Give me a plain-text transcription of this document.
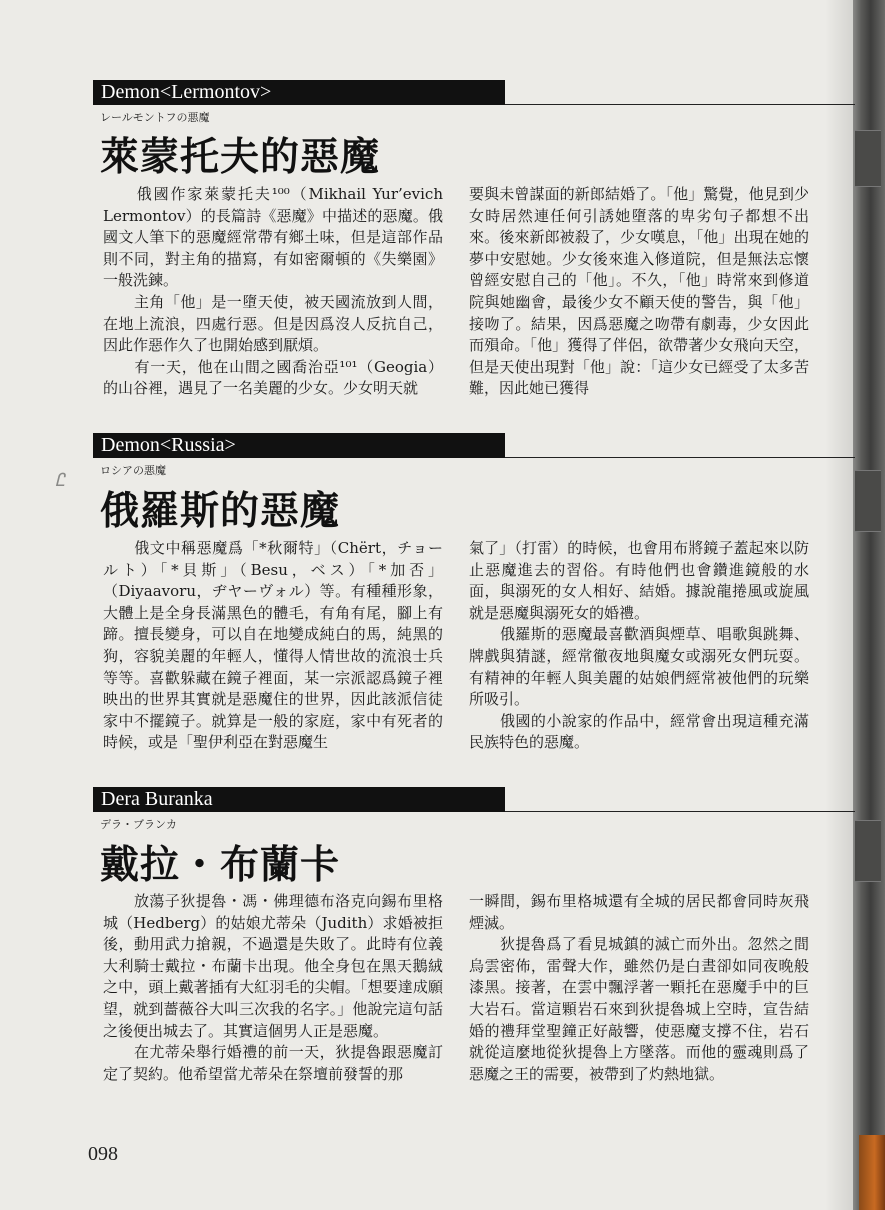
Ꮭ
Demon<Lermontov>
レールモントフの悪魔
萊蒙托夫的惡魔

　　俄國作家萊蒙托夫¹⁰⁰（Mikhail Yur’evich Lermontov）的長篇詩《惡魔》中描述的惡魔。俄國文人筆下的惡魔經常帶有鄉土味，但是這部作品則不同，對主角的描寫，有如密爾頓的《失樂園》一般洗鍊。

　　主角「他」是一墮天使，被天國流放到人間，在地上流浪，四處行惡。但是因爲沒人反抗自己，因此作惡作久了也開始感到厭煩。

　　有一天，他在山間之國喬治亞¹⁰¹（Geogia）的山谷裡，遇見了一名美麗的少女。少女明天就

要與未曾謀面的新郎結婚了。「他」驚覺，他見到少女時居然連任何引誘她墮落的卑劣句子都想不出來。後來新郎被殺了，少女嘆息，「他」出現在她的夢中安慰她。少女後來進入修道院，但是無法忘懷曾經安慰自己的「他」。不久，「他」時常來到修道院與她幽會，最後少女不顧天使的警告，與「他」接吻了。結果，因爲惡魔之吻帶有劇毒，少女因此而殞命。「他」獲得了伴侶，欲帶著少女飛向天空，但是天使出現對「他」說：「這少女已經受了太多苦難，因此她已獲得

Demon<Russia>
ロシアの悪魔
俄羅斯的惡魔

　　俄文中稱惡魔爲「*秋爾特」（Chërt，チョールト）「*貝斯」（Besu，ベス）「*加否」（Diyaavoru，ヂヤーヴォル）等。有種種形象，大體上是全身長滿黑色的體毛，有角有尾，腳上有蹄。擅長變身，可以自在地變成純白的馬，純黑的狗，容貌美麗的年輕人，懂得人情世故的流浪士兵等等。喜歡躲藏在鏡子裡面，某一宗派認爲鏡子裡映出的世界其實就是惡魔住的世界，因此該派信徒家中不擺鏡子。就算是一般的家庭，家中有死者的時候，或是「聖伊利亞在對惡魔生

氣了」（打雷）的時候，也會用布將鏡子蓋起來以防止惡魔進去的習俗。有時他們也會鑽進鏡般的水面，與溺死的女人相好、結婚。據說龍捲風或旋風就是惡魔與溺死女的婚禮。

　　俄羅斯的惡魔最喜歡酒與煙草、唱歌與跳舞、牌戲與猜謎，經常徹夜地與魔女或溺死女們玩耍。有精神的年輕人與美麗的姑娘們經常被他們的玩樂所吸引。

　　俄國的小說家的作品中，經常會出現這種充滿民族特色的惡魔。

Dera Buranka
デラ・ブランカ
戴拉・布蘭卡

　　放蕩子狄提魯・馮・佛理德布洛克向錫布里格城（Hedberg）的姑娘尤蒂朵（Judith）求婚被拒後，動用武力搶親，不過還是失敗了。此時有位義大利騎士戴拉・布蘭卡出現。他全身包在黑天鵝絨之中，頭上戴著插有大紅羽毛的尖帽。「想要達成願望，就到薔薇谷大叫三次我的名字。」他說完這句話之後便出城去了。其實這個男人正是惡魔。

　　在尤蒂朵舉行婚禮的前一天，狄提魯跟惡魔訂定了契約。他希望當尤蒂朵在祭壇前發誓的那

一瞬間，錫布里格城還有全城的居民都會同時灰飛煙滅。

　　狄提魯爲了看見城鎮的滅亡而外出。忽然之間烏雲密佈，雷聲大作，雖然仍是白晝卻如同夜晚般漆黑。接著，在雲中飄浮著一顆托在惡魔手中的巨大岩石。當這顆岩石來到狄提魯城上空時，宣告結婚的禮拜堂聖鐘正好敲響，使惡魔支撐不住，岩石就從這麼地從狄提魯上方墜落。而他的靈魂則爲了惡魔之王的需要，被帶到了灼熱地獄。

098
